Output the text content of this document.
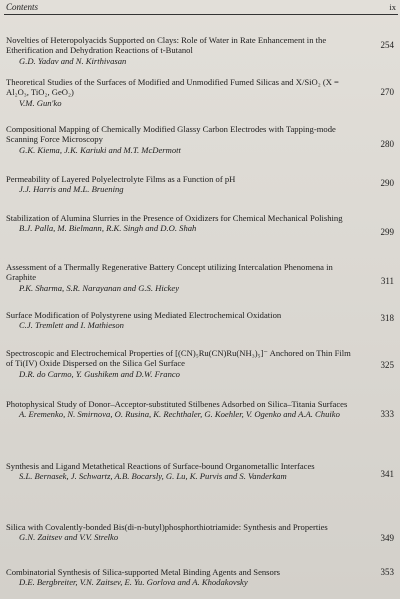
Contents	ix
Novelties of Heteropolyacids Supported on Clays: Role of Water in Rate Enhancement in the Etherification and Dehydration Reactions of t-Butanol
G.D. Yadav and N. Kirthivasan
254
Theoretical Studies of the Surfaces of Modified and Unmodified Fumed Silicas and X/SiO₂ (X = Al₂O₃, TiO₂, GeO₂)
V.M. Gun'ko
270
Compositional Mapping of Chemically Modified Glassy Carbon Electrodes with Tapping-mode Scanning Force Microscopy
G.K. Kiema, J.K. Kariuki and M.T. McDermott
280
Permeability of Layered Polyelectrolyte Films as a Function of pH
J.J. Harris and M.L. Bruening
290
Stabilization of Alumina Slurries in the Presence of Oxidizers for Chemical Mechanical Polishing
B.J. Palla, M. Bielmann, R.K. Singh and D.O. Shah	299
Assessment of a Thermally Regenerative Battery Concept utilizing Intercalation Phenomena in Graphite
P.K. Sharma, S.R. Narayanan and G.S. Hickey
311
Surface Modification of Polystyrene using Mediated Electrochemical Oxidation
C.J. Tremlett and I. Mathieson
318
Spectroscopic and Electrochemical Properties of [(CN)₅Ru(CN)Ru(NH₃)₅]⁻ Anchored on Thin Film of Ti(IV) Oxide Dispersed on the Silica Gel Surface
D.R. do Carmo, Y. Gushikem and D.W. Franco
325
Photophysical Study of Donor–Acceptor-substituted Stilbenes Adsorbed on Silica–Titania Surfaces
A. Eremenko, N. Smirnova, O. Rusina, K. Rechthaler, G. Koehler, V. Ogenko and A.A. Chuiko	333
Synthesis and Ligand Metathetical Reactions of Surface-bound Organometallic Interfaces
S.L. Bernasek, J. Schwartz, A.B. Bocarsly, G. Lu, K. Purvis and S. Vanderkam	341
Silica with Covalently-bonded Bis(di-n-butyl)phosphorthiotriamide: Synthesis and Properties
G.N. Zaitsev and V.V. Strelko	349
Combinatorial Synthesis of Silica-supported Metal Binding Agents and Sensors
D.E. Bergbreiter, V.N. Zaitsev, E. Yu. Gorlova and A. Khodakovsky
353
